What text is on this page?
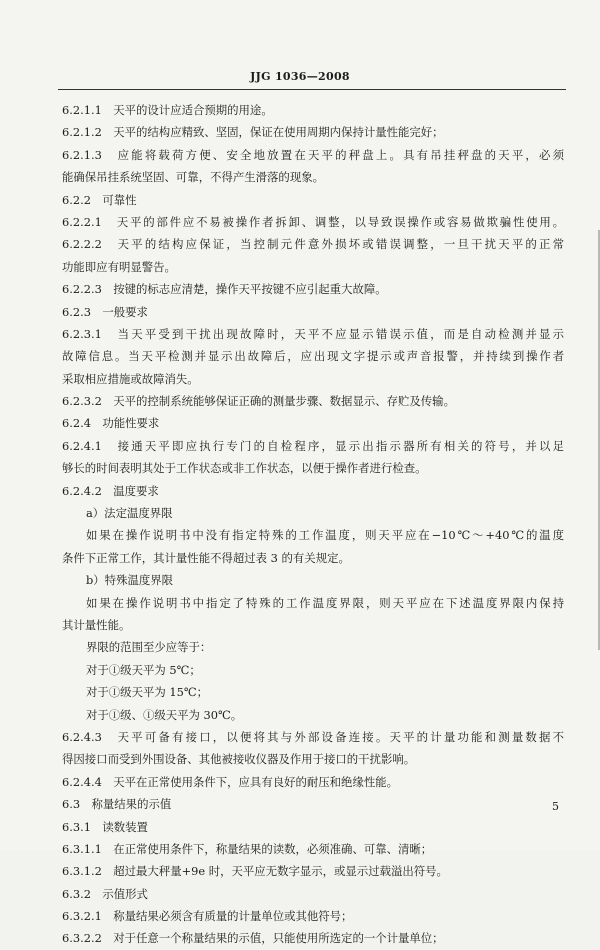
JJG 1036—2008
6.2.1.1　天平的设计应适合预期的用途。
6.2.1.2　天平的结构应精致、坚固，保证在使用周期内保持计量性能完好；
6.2.1.3　应能将载荷方便、安全地放置在天平的秤盘上。具有吊挂秤盘的天平，必须
能确保吊挂系统坚固、可靠，不得产生滑落的现象。
6.2.2　可靠性
6.2.2.1　天平的部件应不易被操作者拆卸、调整，以导致误操作或容易做欺骗性使用。
6.2.2.2　天平的结构应保证，当控制元件意外损坏或错误调整，一旦干扰天平的正常
功能即应有明显警告。
6.2.2.3　按键的标志应清楚，操作天平按键不应引起重大故障。
6.2.3　一般要求
6.2.3.1　当天平受到干扰出现故障时，天平不应显示错误示值，而是自动检测并显示
故障信息。当天平检测并显示出故障后，应出现文字提示或声音报警，并持续到操作者
采取相应措施或故障消失。
6.2.3.2　天平的控制系统能够保证正确的测量步骤、数据显示、存贮及传输。
6.2.4　功能性要求
6.2.4.1　接通天平即应执行专门的自检程序，显示出指示器所有相关的符号，并以足
够长的时间表明其处于工作状态或非工作状态，以便于操作者进行检查。
6.2.4.2　温度要求
a）法定温度界限
如果在操作说明书中没有指定特殊的工作温度，则天平应在−10℃～+40℃的温度
条件下正常工作，其计量性能不得超过表 3 的有关规定。
b）特殊温度界限
如果在操作说明书中指定了特殊的工作温度界限，则天平应在下述温度界限内保持
其计量性能。
界限的范围至少应等于：
对于Ⓘ级天平为 5℃；
对于Ⓘ级天平为 15℃；
对于Ⓘ级、Ⓘ级天平为 30℃。
6.2.4.3　天平可备有接口，以便将其与外部设备连接。天平的计量功能和测量数据不
得因接口而受到外围设备、其他被接收仪器及作用于接口的干扰影响。
6.2.4.4　天平在正常使用条件下，应具有良好的耐压和绝缘性能。
6.3　称量结果的示值
6.3.1　读数装置
6.3.1.1　在正常使用条件下，称量结果的读数，必须准确、可靠、清晰；
6.3.1.2　超过最大秤量+9e 时，天平应无数字显示，或显示过载溢出符号。
6.3.2　示值形式
6.3.2.1　称量结果必须含有质量的计量单位或其他符号；
6.3.2.2　对于任意一个称量结果的示值，只能使用所选定的一个计量单位；
5
